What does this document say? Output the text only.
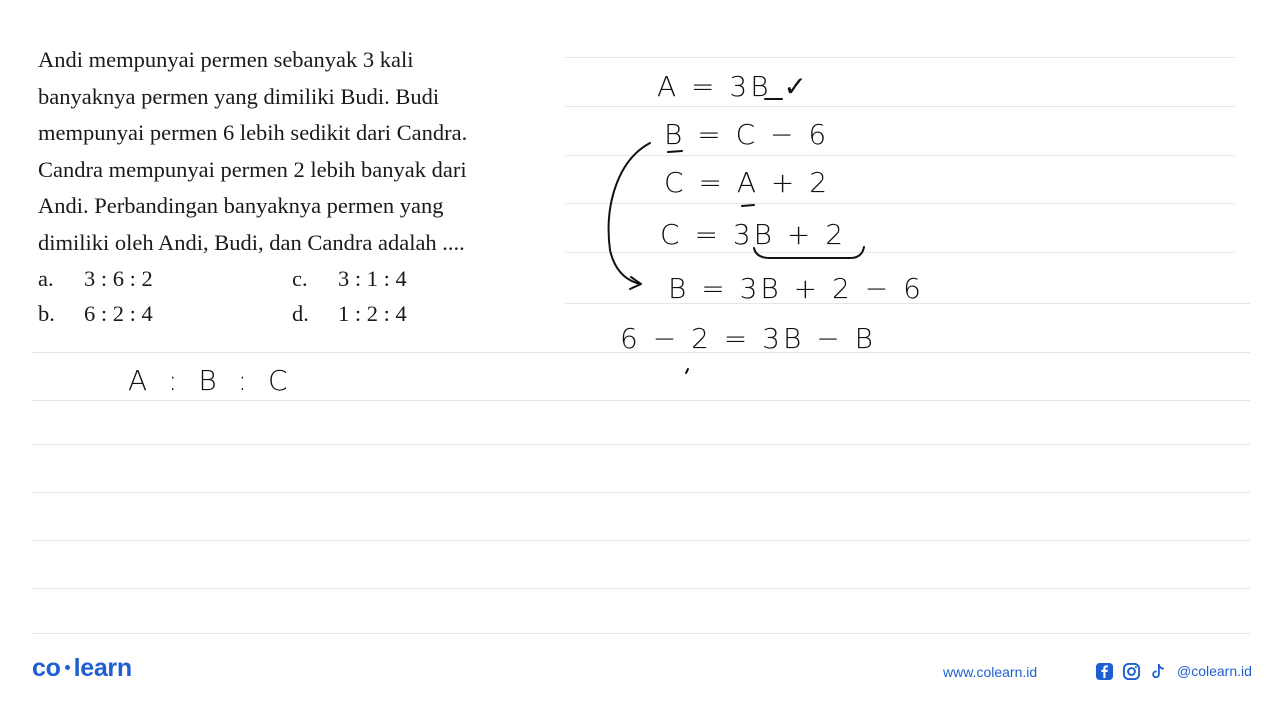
Andi mempunyai permen sebanyak 3 kali

banyaknya permen yang dimiliki Budi. Budi

mempunyai permen 6 lebih sedikit dari Candra.

Candra mempunyai permen 2 lebih banyak dari

Andi. Perbandingan banyaknya permen yang

dimiliki oleh Andi, Budi, dan Candra adalah ....

a. 3 : 6 : 2	c. 3 : 1 : 4
b. 6 : 2 : 4	d. 1 : 2 : 4
A = 3B ✓
B = C − 6
C = A + 2
C = 3B + 2
B = 3B + 2 − 6
6 − 2 = 3B − B
A : B : C
co learn	www.colearn.id	@colearn.id
